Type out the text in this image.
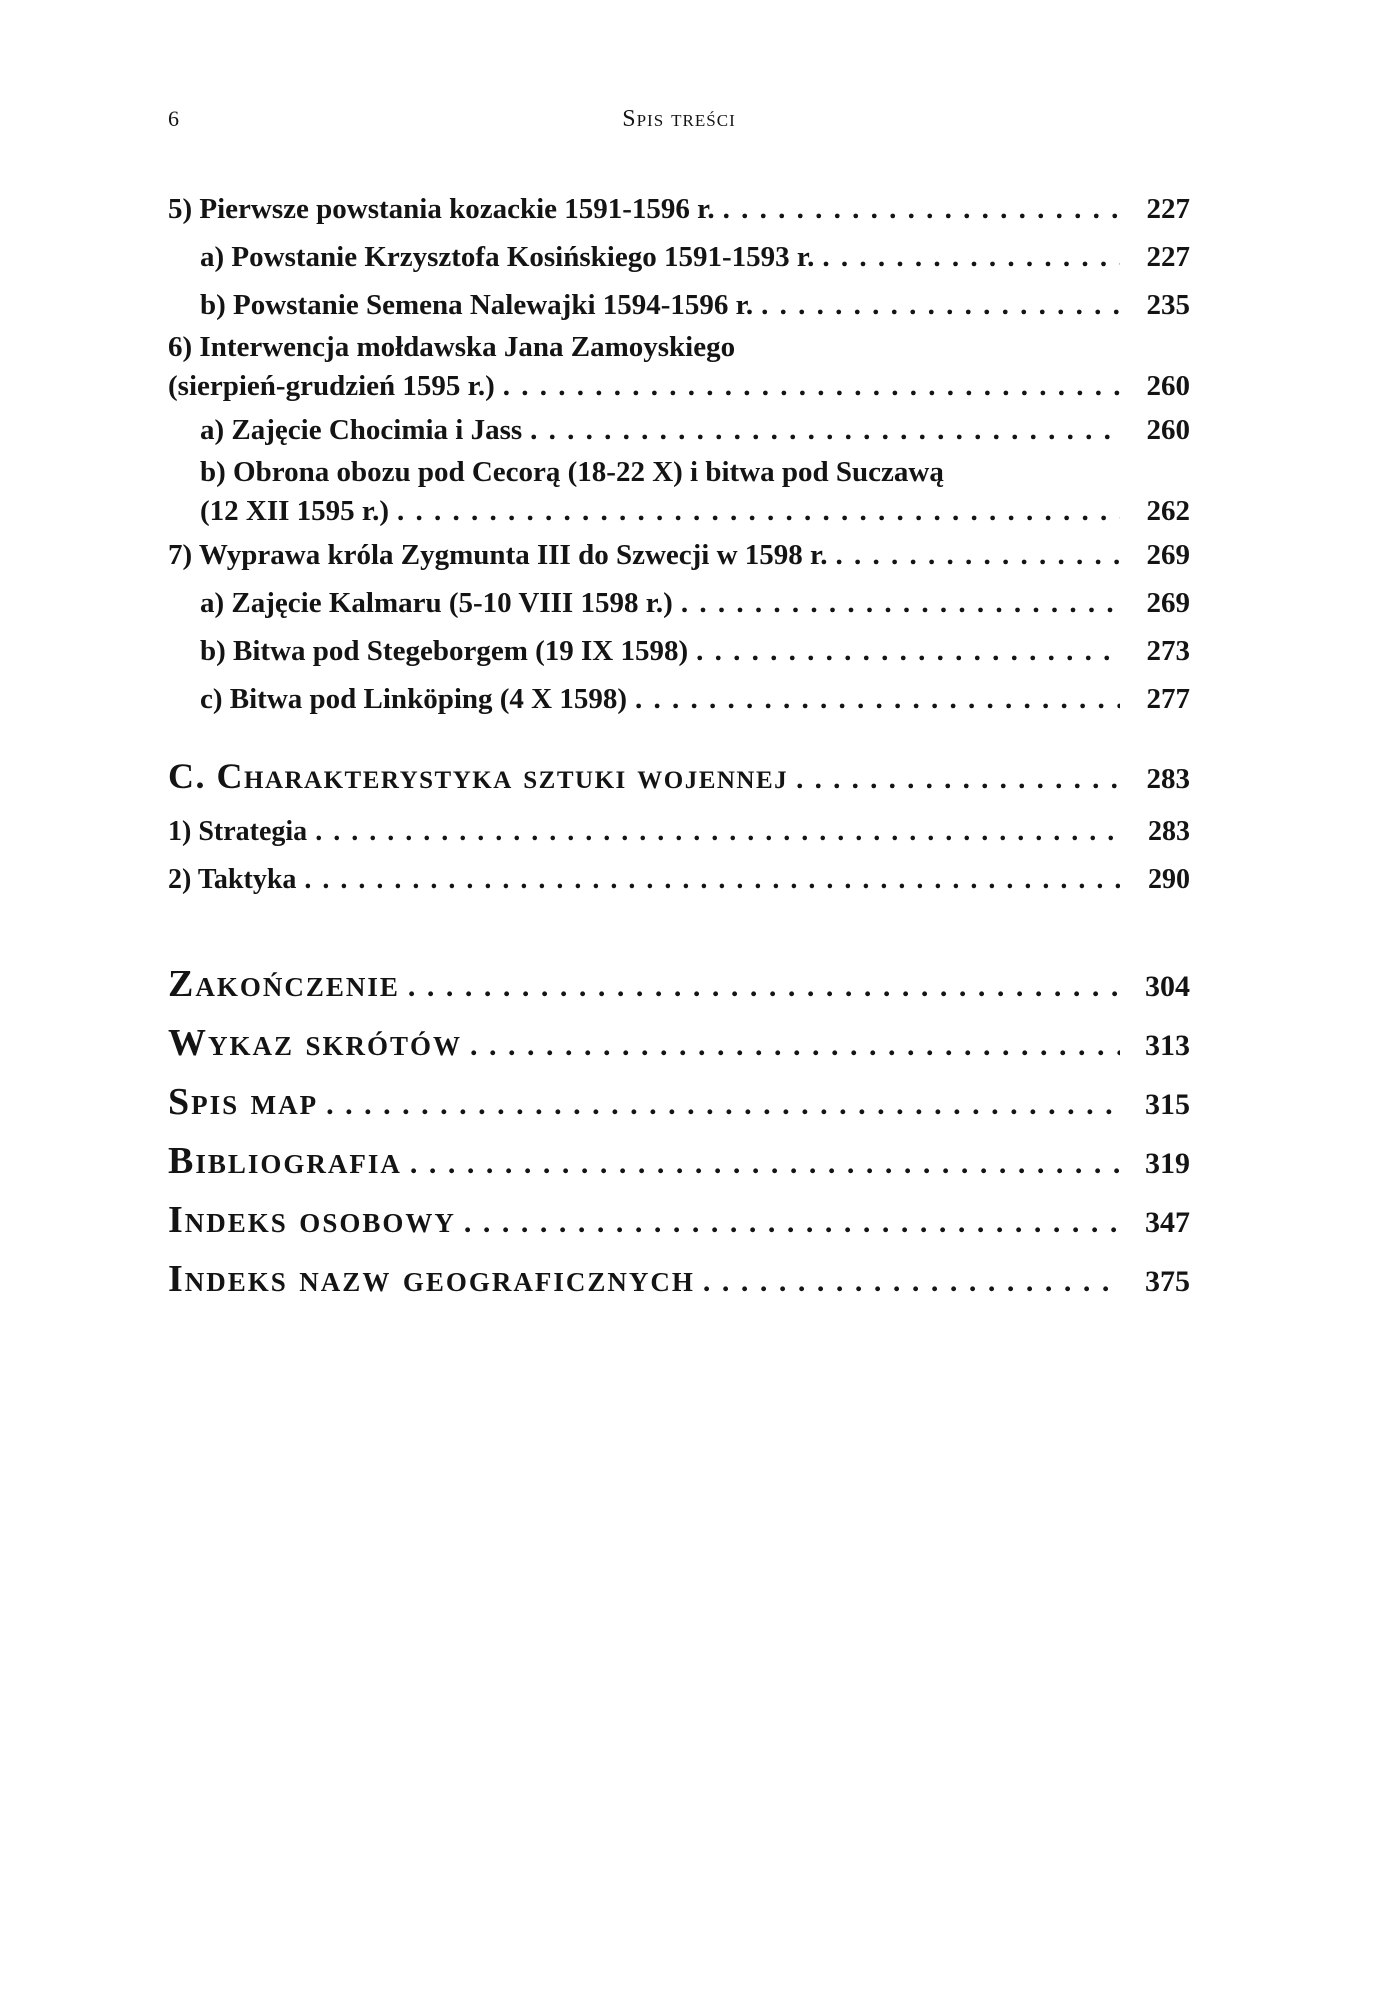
6	Spis treści
5) Pierwsze powstania kozackie 1591-1596 r. . . .	227
a) Powstanie Krzysztofa Kosińskiego 1591-1593 r. . . .	227
b) Powstanie Semena Nalewajki 1594-1596 r. . . .	235
6) Interwencja mołdawska Jana Zamoyskiego
(sierpień-grudzień 1595 r.) . . .	260
a) Zajęcie Chocimia i Jass . . .	260
b) Obrona obozu pod Cecorą (18-22 X) i bitwa pod Suczawą
(12 XII 1595 r.) . . .	262
7) Wyprawa króla Zygmunta III do Szwecji w 1598 r. . . .	269
a) Zajęcie Kalmaru (5-10 VIII 1598 r.) . . .	269
b) Bitwa pod Stegeborgem (19 IX 1598) . . .	273
c) Bitwa pod Linköping (4 X 1598) . . .	277
C. Charakterystyka sztuki wojennej . . .	283
1) Strategia . . .	283
2) Taktyka . . .	290
Zakończenie . . .	304
Wykaz skrótów . . .	313
Spis map . . .	315
Bibliografia . . .	319
Indeks osobowy . . .	347
Indeks nazw geograficznych . . .	375
